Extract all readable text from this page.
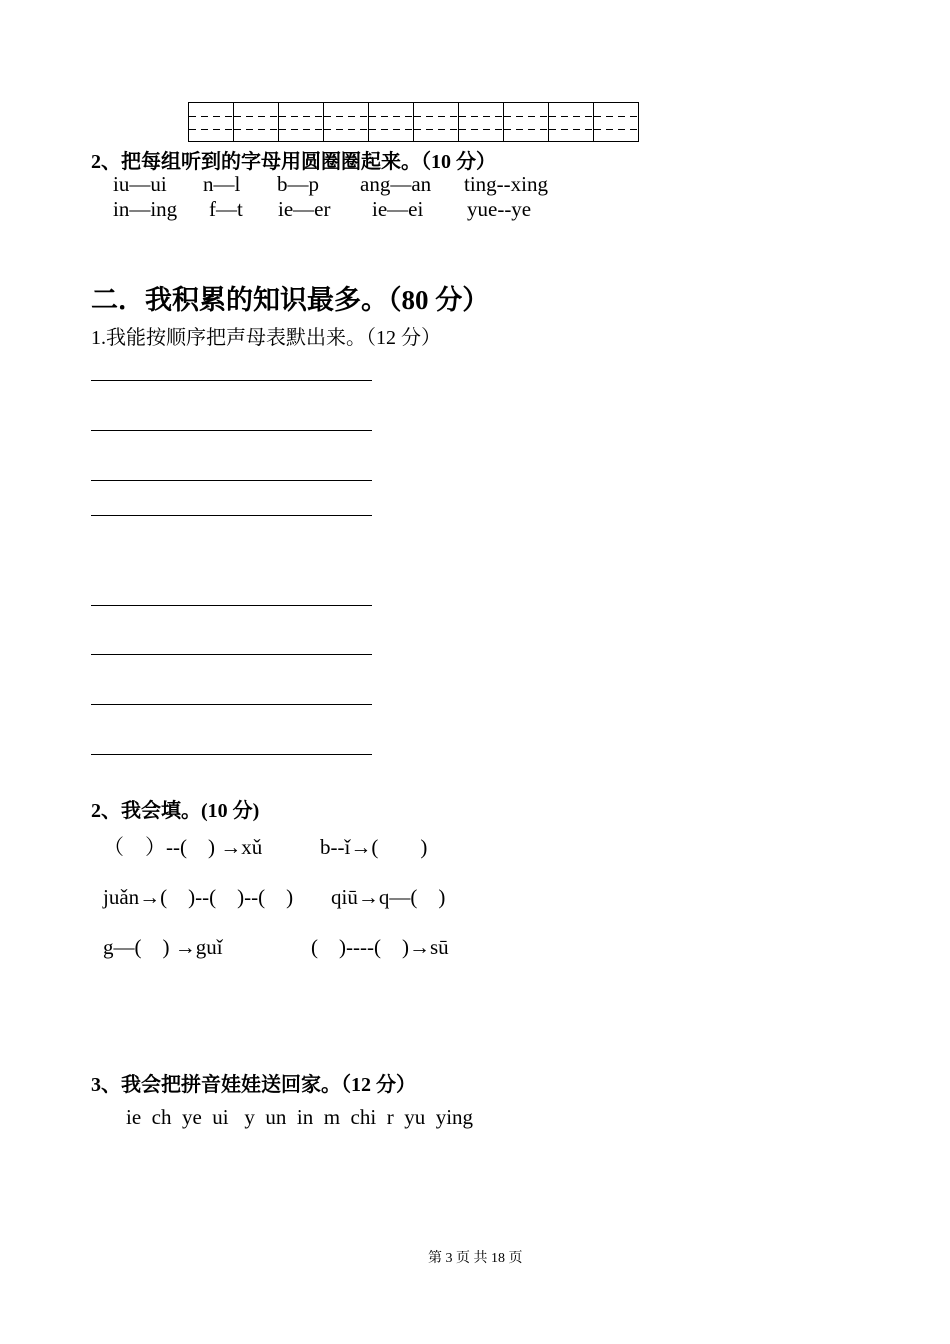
2、把每组听到的字母用圆圈圈起来。（10 分）
iu—ui n—l b—p ang—an ting--xing
in—ing f—t ie—er ie—ei yue--ye
二．我积累的知识最多。（80 分）
1.我能按顺序把声母表默出来。（12 分）
2、我会填。(10 分)
（　）--(　) →xǔ	b--ǐ→(　　)
juǎn→(　)--(　)--(　) qiū→q—(　)
g—(　) →guǐ	(　)----(　)→sū
3、我会把拼音娃娃送回家。（12 分）
ie  ch  ye  ui   y  un  in  m  chi  r  yu  ying
第 3 页 共 18 页
